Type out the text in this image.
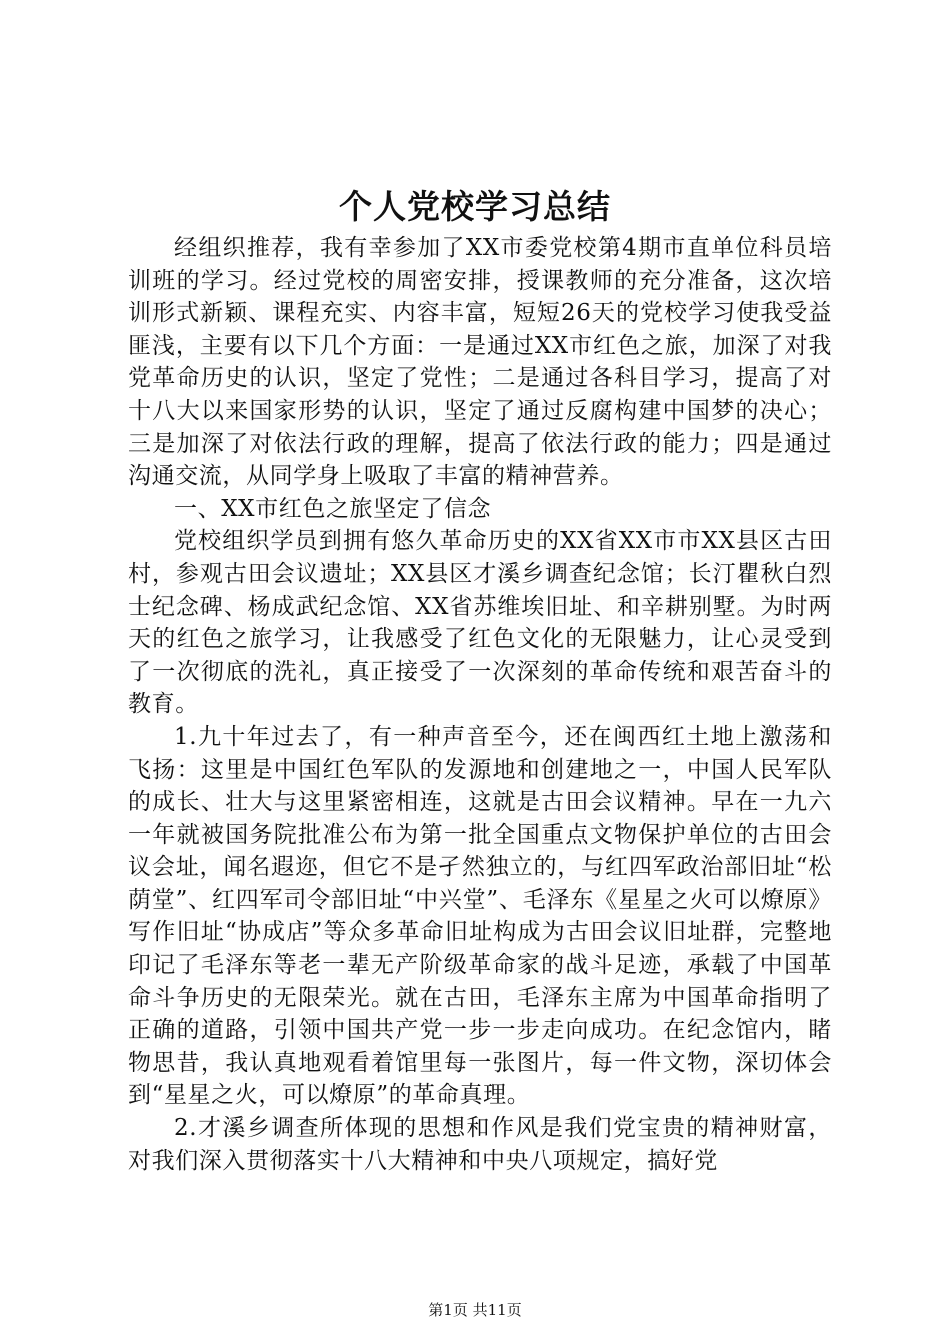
个人党校学习总结

经组织推荐，我有幸参加了XX市委党校第4期市直单位科员培训班的学习。经过党校的周密安排，授课教师的充分准备，这次培训形式新颖、课程充实、内容丰富，短短26天的党校学习使我受益匪浅，主要有以下几个方面：一是通过XX市红色之旅，加深了对我党革命历史的认识，坚定了党性；二是通过各科目学习，提高了对十八大以来国家形势的认识，坚定了通过反腐构建中国梦的决心；三是加深了对依法行政的理解，提高了依法行政的能力；四是通过沟通交流，从同学身上吸取了丰富的精神营养。

一、XX市红色之旅坚定了信念

党校组织学员到拥有悠久革命历史的XX省XX市市XX县区古田村，参观古田会议遗址；XX县区才溪乡调查纪念馆；长汀瞿秋白烈士纪念碑、杨成武纪念馆、XX省苏维埃旧址、和辛耕别墅。为时两天的红色之旅学习，让我感受了红色文化的无限魅力，让心灵受到了一次彻底的洗礼，真正接受了一次深刻的革命传统和艰苦奋斗的教育。

1.九十年过去了，有一种声音至今，还在闽西红土地上激荡和飞扬：这里是中国红色军队的发源地和创建地之一，中国人民军队的成长、壮大与这里紧密相连，这就是古田会议精神。早在一九六一年就被国务院批准公布为第一批全国重点文物保护单位的古田会议会址，闻名遐迩，但它不是孑然独立的，与红四军政治部旧址“松荫堂”、红四军司令部旧址“中兴堂”、毛泽东《星星之火可以燎原》写作旧址“协成店”等众多革命旧址构成为古田会议旧址群，完整地印记了毛泽东等老一辈无产阶级革命家的战斗足迹，承载了中国革命斗争历史的无限荣光。就在古田，毛泽东主席为中国革命指明了正确的道路，引领中国共产党一步一步走向成功。在纪念馆内，睹物思昔，我认真地观看着馆里每一张图片，每一件文物，深切体会到“星星之火，可以燎原”的革命真理。

2.才溪乡调查所体现的思想和作风是我们党宝贵的精神财富，对我们深入贯彻落实十八大精神和中央八项规定，搞好党

第1页 共11页
